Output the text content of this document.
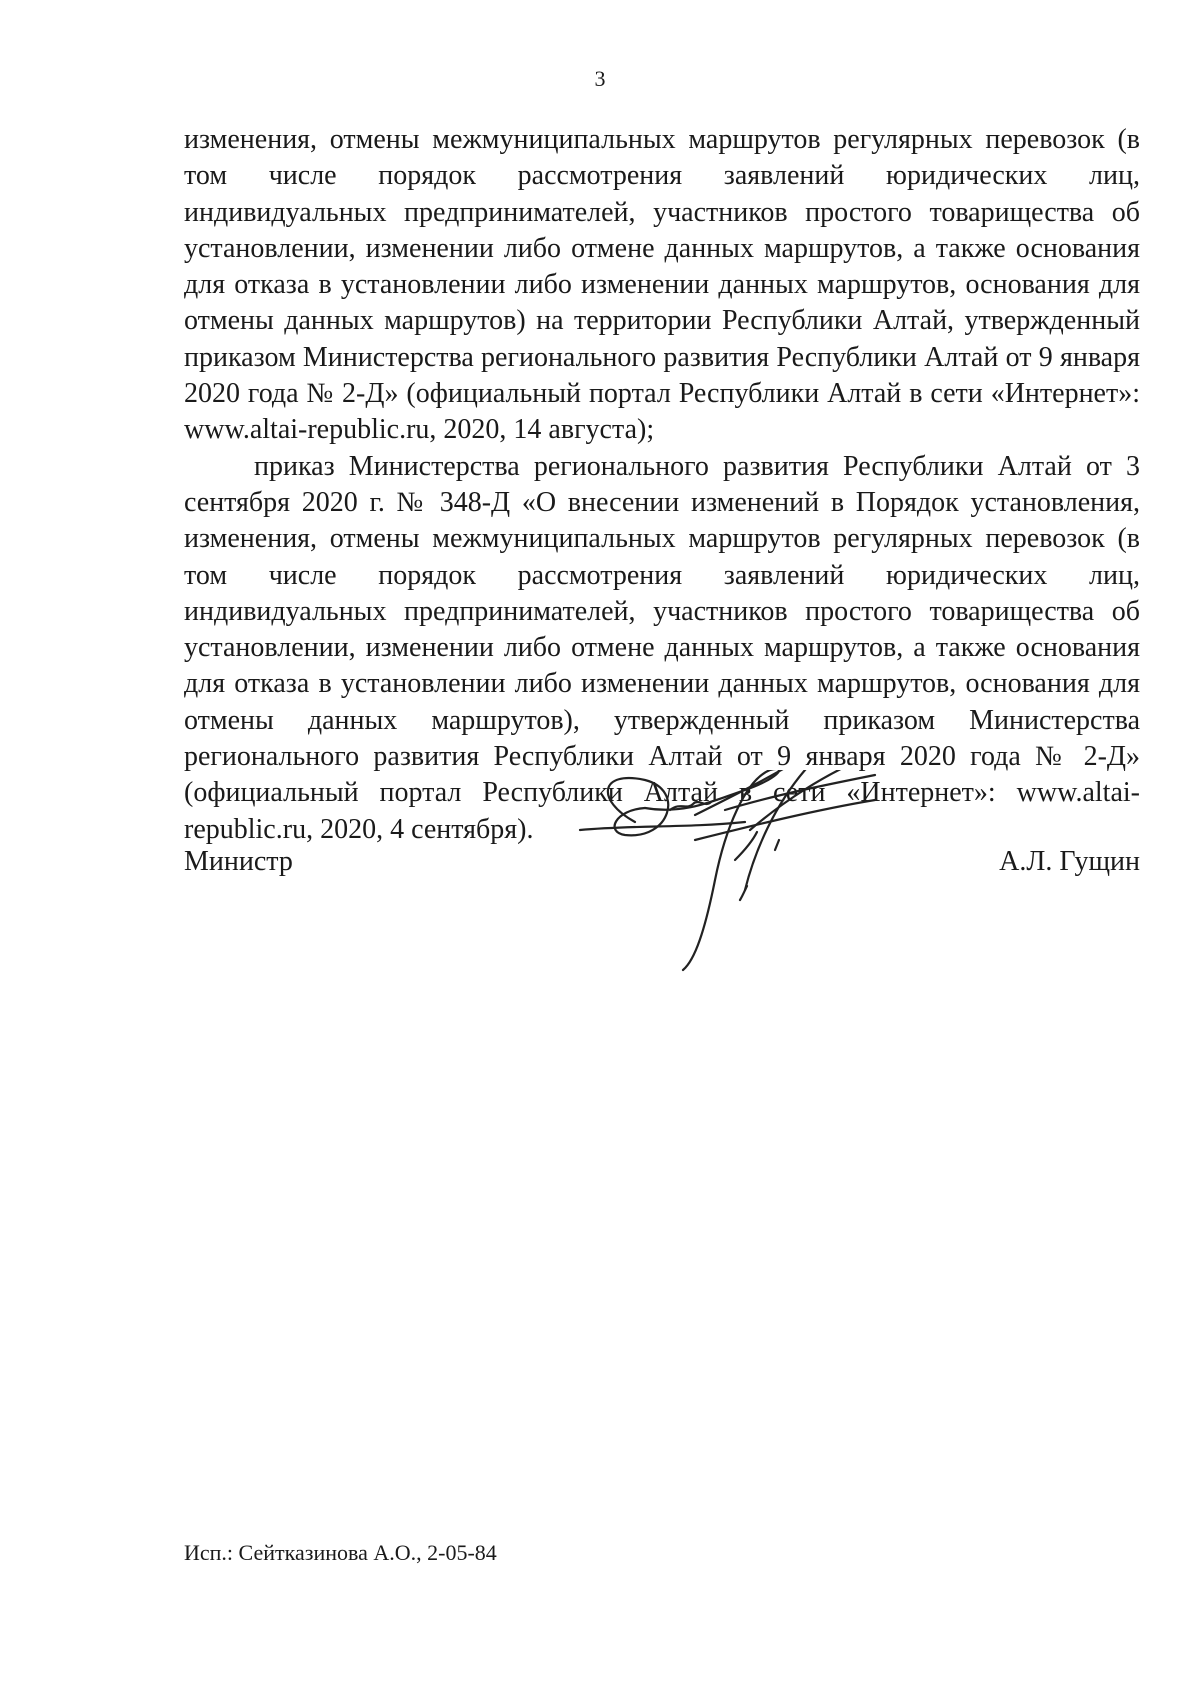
3

изменения, отмены межмуниципальных маршрутов регулярных перевозок (в том числе порядок рассмотрения заявлений юридических лиц, индивидуальных предпринимателей, участников простого товарищества об установлении, изменении либо отмене данных маршрутов, а также основания для отказа в установлении либо изменении данных маршрутов, основания для отмены данных маршрутов) на территории Республики Алтай, утвержденный приказом Министерства регионального развития Республики Алтай от 9 января 2020 года № 2-Д» (официальный портал Республики Алтай в сети «Интернет»: www.altai-republic.ru, 2020, 14 августа);

приказ Министерства регионального развития Республики Алтай от 3 сентября 2020 г. № 348-Д «О внесении изменений в Порядок установления, изменения, отмены межмуниципальных маршрутов регулярных перевозок (в том числе порядок рассмотрения заявлений юридических лиц, индивидуальных предпринимателей, участников простого товарищества об установлении, изменении либо отмене данных маршрутов, а также основания для отказа в установлении либо изменении данных маршрутов, основания для отмены данных маршрутов), утвержденный приказом Министерства регионального развития Республики Алтай от 9 января 2020 года № 2-Д» (официальный портал Республики Алтай в сети «Интернет»: www.altai-republic.ru, 2020, 4 сентября).

Министр	А.Л. Гущин
Исп.: Сейтказинова А.О., 2-05-84
